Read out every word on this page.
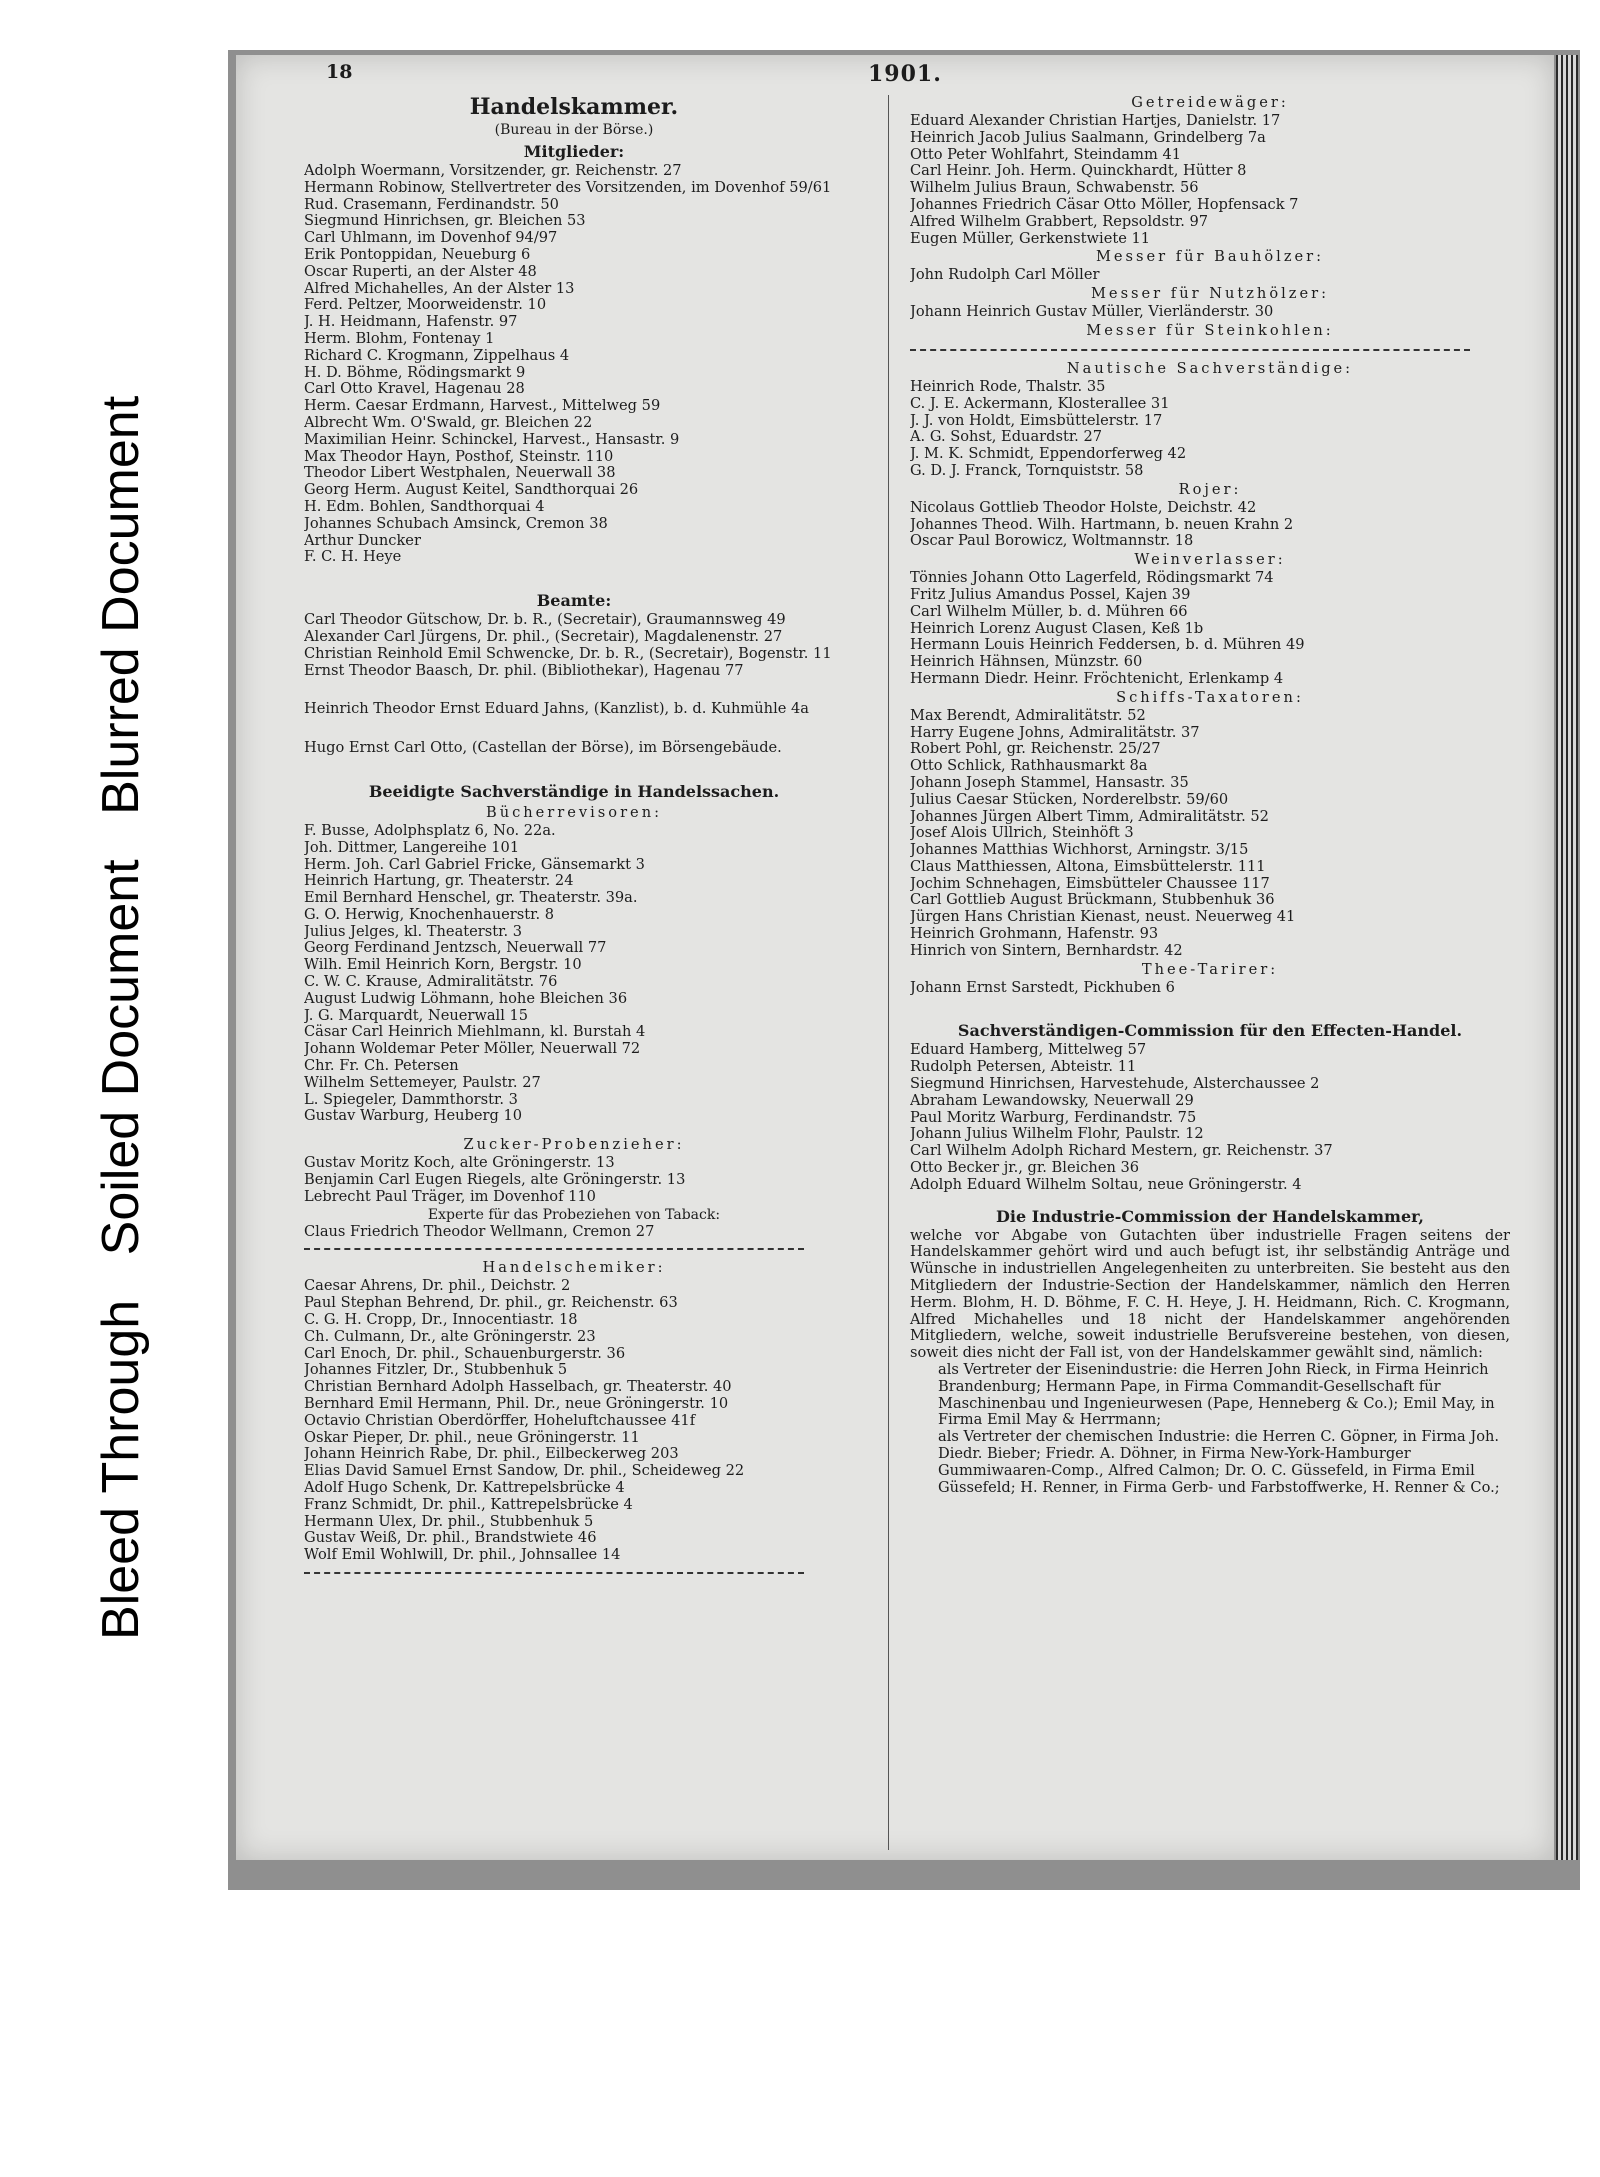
Bleed Through Soiled Document Blurred Document
18	1901.
Handelskammer.
(Bureau in der Börse.)
Mitglieder:
Adolph Woermann, Vorsitzender, gr. Reichenstr. 27
Hermann Robinow, Stellvertreter des Vorsitzenden, im Dovenhof 59/61
Rud. Crasemann, Ferdinandstr. 50
Siegmund Hinrichsen, gr. Bleichen 53
Carl Uhlmann, im Dovenhof 94/97
Erik Pontoppidan, Neueburg 6
Oscar Ruperti, an der Alster 48
Alfred Michahelles, An der Alster 13
Ferd. Peltzer, Moorweidenstr. 10
J. H. Heidmann, Hafenstr. 97
Herm. Blohm, Fontenay 1
Richard C. Krogmann, Zippelhaus 4
H. D. Böhme, Rödingsmarkt 9
Carl Otto Kravel, Hagenau 28
Herm. Caesar Erdmann, Harvest., Mittelweg 59
Albrecht Wm. O'Swald, gr. Bleichen 22
Maximilian Heinr. Schinckel, Harvest., Hansastr. 9
Max Theodor Hayn, Posthof, Steinstr. 110
Theodor Libert Westphalen, Neuerwall 38
Georg Herm. August Keitel, Sandthorquai 26
H. Edm. Bohlen, Sandthorquai 4
Johannes Schubach Amsinck, Cremon 38
Arthur Duncker
F. C. H. Heye
Beamte:
Carl Theodor Gütschow, Dr. b. R., (Secretair), Graumannsweg 49
Alexander Carl Jürgens, Dr. phil., (Secretair), Magdalenenstr. 27
Christian Reinhold Emil Schwencke, Dr. b. R., (Secretair), Bogenstr. 11
Ernst Theodor Baasch, Dr. phil. (Bibliothekar), Hagenau 77
Heinrich Theodor Ernst Eduard Jahns, (Kanzlist), b. d. Kuhmühle 4a
Hugo Ernst Carl Otto, (Castellan der Börse), im Börsengebäude.
Beeidigte Sachverständige in Handelssachen.
Bücherrevisoren:
F. Busse, Adolphsplatz 6, No. 22a.
Joh. Dittmer, Langereihe 101
Herm. Joh. Carl Gabriel Fricke, Gänsemarkt 3
Heinrich Hartung, gr. Theaterstr. 24
Emil Bernhard Henschel, gr. Theaterstr. 39a.
G. O. Herwig, Knochenhauerstr. 8
Julius Jelges, kl. Theaterstr. 3
Georg Ferdinand Jentzsch, Neuerwall 77
Wilh. Emil Heinrich Korn, Bergstr. 10
C. W. C. Krause, Admiralitätstr. 76
August Ludwig Löhmann, hohe Bleichen 36
J. G. Marquardt, Neuerwall 15
Cäsar Carl Heinrich Miehlmann, kl. Burstah 4
Johann Woldemar Peter Möller, Neuerwall 72
Chr. Fr. Ch. Petersen
Wilhelm Settemeyer, Paulstr. 27
L. Spiegeler, Dammthorstr. 3
Gustav Warburg, Heuberg 10
Zucker-Probenzieher:
Gustav Moritz Koch, alte Gröningerstr. 13
Benjamin Carl Eugen Riegels, alte Gröningerstr. 13
Lebrecht Paul Träger, im Dovenhof 110
Experte für das Probeziehen von Taback:
Claus Friedrich Theodor Wellmann, Cremon 27
Handelschemiker:
Caesar Ahrens, Dr. phil., Deichstr. 2
Paul Stephan Behrend, Dr. phil., gr. Reichenstr. 63
C. G. H. Cropp, Dr., Innocentiastr. 18
Ch. Culmann, Dr., alte Gröningerstr. 23
Carl Enoch, Dr. phil., Schauenburgerstr. 36
Johannes Fitzler, Dr., Stubbenhuk 5
Christian Bernhard Adolph Hasselbach, gr. Theaterstr. 40
Bernhard Emil Hermann, Phil. Dr., neue Gröningerstr. 10
Octavio Christian Oberdörffer, Hoheluftchaussee 41f
Oskar Pieper, Dr. phil., neue Gröningerstr. 11
Johann Heinrich Rabe, Dr. phil., Eilbeckerweg 203
Elias David Samuel Ernst Sandow, Dr. phil., Scheideweg 22
Adolf Hugo Schenk, Dr. Kattrepelsbrücke 4
Franz Schmidt, Dr. phil., Kattrepelsbrücke 4
Hermann Ulex, Dr. phil., Stubbenhuk 5
Gustav Weiß, Dr. phil., Brandstwiete 46
Wolf Emil Wohlwill, Dr. phil., Johnsallee 14
Getreidewäger:
Eduard Alexander Christian Hartjes, Danielstr. 17
Heinrich Jacob Julius Saalmann, Grindelberg 7a
Otto Peter Wohlfahrt, Steindamm 41
Carl Heinr. Joh. Herm. Quinckhardt, Hütter 8
Wilhelm Julius Braun, Schwabenstr. 56
Johannes Friedrich Cäsar Otto Möller, Hopfensack 7
Alfred Wilhelm Grabbert, Repsoldstr. 97
Eugen Müller, Gerkenstwiete 11
Messer für Bauhölzer:
John Rudolph Carl Möller
Messer für Nutzhölzer:
Johann Heinrich Gustav Müller, Vierländerstr. 30
Messer für Steinkohlen:
Nautische Sachverständige:
Heinrich Rode, Thalstr. 35
C. J. E. Ackermann, Klosterallee 31
J. J. von Holdt, Eimsbüttelerstr. 17
A. G. Sohst, Eduardstr. 27
J. M. K. Schmidt, Eppendorferweg 42
G. D. J. Franck, Tornquiststr. 58
Rojer:
Nicolaus Gottlieb Theodor Holste, Deichstr. 42
Johannes Theod. Wilh. Hartmann, b. neuen Krahn 2
Oscar Paul Borowicz, Woltmannstr. 18
Weinverlasser:
Tönnies Johann Otto Lagerfeld, Rödingsmarkt 74
Fritz Julius Amandus Possel, Kajen 39
Carl Wilhelm Müller, b. d. Mühren 66
Heinrich Lorenz August Clasen, Keß 1b
Hermann Louis Heinrich Feddersen, b. d. Mühren 49
Heinrich Hähnsen, Münzstr. 60
Hermann Diedr. Heinr. Fröchtenicht, Erlenkamp 4
Schiffs-Taxatoren:
Max Berendt, Admiralitätstr. 52
Harry Eugene Johns, Admiralitätstr. 37
Robert Pohl, gr. Reichenstr. 25/27
Otto Schlick, Rathhausmarkt 8a
Johann Joseph Stammel, Hansastr. 35
Julius Caesar Stücken, Norderelbstr. 59/60
Johannes Jürgen Albert Timm, Admiralitätstr. 52
Josef Alois Ullrich, Steinhöft 3
Johannes Matthias Wichhorst, Arningstr. 3/15
Claus Matthiessen, Altona, Eimsbüttelerstr. 111
Jochim Schnehagen, Eimsbütteler Chaussee 117
Carl Gottlieb August Brückmann, Stubbenhuk 36
Jürgen Hans Christian Kienast, neust. Neuerweg 41
Heinrich Grohmann, Hafenstr. 93
Hinrich von Sintern, Bernhardstr. 42
Thee-Tarirer:
Johann Ernst Sarstedt, Pickhuben 6
Sachverständigen-Commission für den Effecten-Handel.
Eduard Hamberg, Mittelweg 57
Rudolph Petersen, Abteistr. 11
Siegmund Hinrichsen, Harvestehude, Alsterchaussee 2
Abraham Lewandowsky, Neuerwall 29
Paul Moritz Warburg, Ferdinandstr. 75
Johann Julius Wilhelm Flohr, Paulstr. 12
Carl Wilhelm Adolph Richard Mestern, gr. Reichenstr. 37
Otto Becker jr., gr. Bleichen 36
Adolph Eduard Wilhelm Soltau, neue Gröningerstr. 4
Die Industrie-Commission der Handelskammer,
welche vor Abgabe von Gutachten über industrielle Fragen seitens der Handelskammer gehört wird und auch befugt ist, ihr selbständig Anträge und Wünsche in industriellen Angelegenheiten zu unterbreiten. Sie besteht aus den Mitgliedern der Industrie-Section der Handelskammer, nämlich den Herren Herm. Blohm, H. D. Böhme, F. C. H. Heye, J. H. Heidmann, Rich. C. Krogmann, Alfred Michahelles und 18 nicht der Handelskammer angehörenden Mitgliedern, welche, soweit industrielle Berufsvereine bestehen, von diesen, soweit dies nicht der Fall ist, von der Handelskammer gewählt sind, nämlich:
als Vertreter der Eisenindustrie: die Herren John Rieck, in Firma Heinrich Brandenburg; Hermann Pape, in Firma Commandit-Gesellschaft für Maschinenbau und Ingenieurwesen (Pape, Henneberg & Co.); Emil May, in Firma Emil May & Herrmann;
als Vertreter der chemischen Industrie: die Herren C. Göpner, in Firma Joh. Diedr. Bieber; Friedr. A. Döhner, in Firma New-York-Hamburger Gummiwaaren-Comp., Alfred Calmon; Dr. O. C. Güssefeld, in Firma Emil Güssefeld; H. Renner, in Firma Gerb- und Farbstoffwerke, H. Renner & Co.;
